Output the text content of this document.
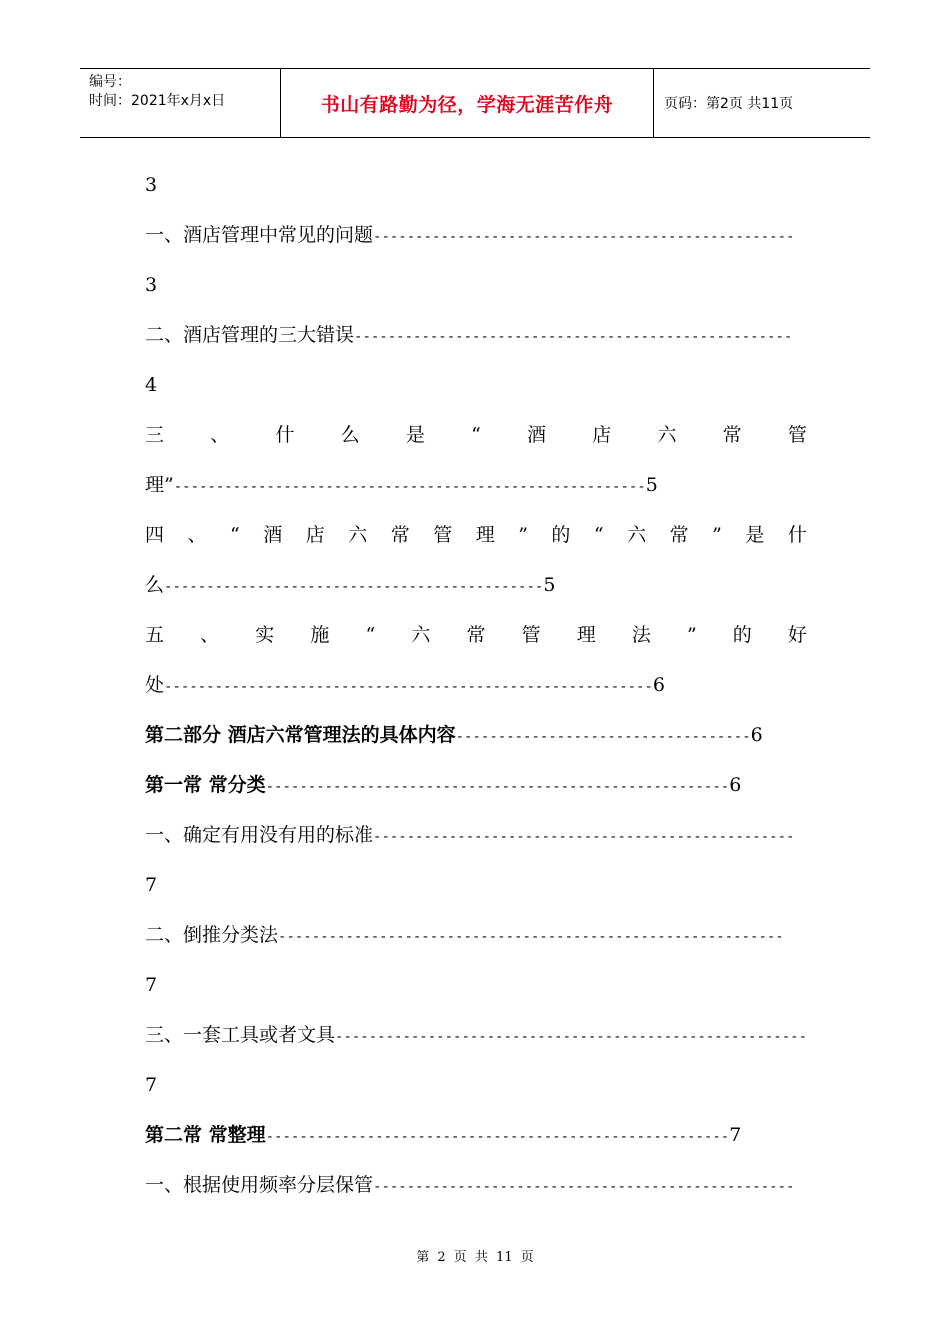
编号：
时间：2021年x月x日	书山有路勤为径，学海无涯苦作舟	页码：第2页 共11页
3
一、酒店管理中常见的问题--------------------------------------------------
3
二、酒店管理的三大错误----------------------------------------------------
4
三 、 什 么 是 “ 酒 店 六 常 管
理”--------------------------------------------------------5
四 、 “ 酒 店 六 常 管 理 ” 的 “ 六 常 ” 是 什
么---------------------------------------------5
五 、 实 施 “ 六 常 管 理 法 ” 的 好
处----------------------------------------------------------6
第二部分 酒店六常管理法的具体内容-----------------------------------6
第一常 常分类-------------------------------------------------------6
一、确定有用没有用的标准--------------------------------------------------
7
二、倒推分类法------------------------------------------------------------
7
三、一套工具或者文具--------------------------------------------------------
7
第二常 常整理-------------------------------------------------------7
一、根据使用频率分层保管--------------------------------------------------
第 2 页 共 11 页
